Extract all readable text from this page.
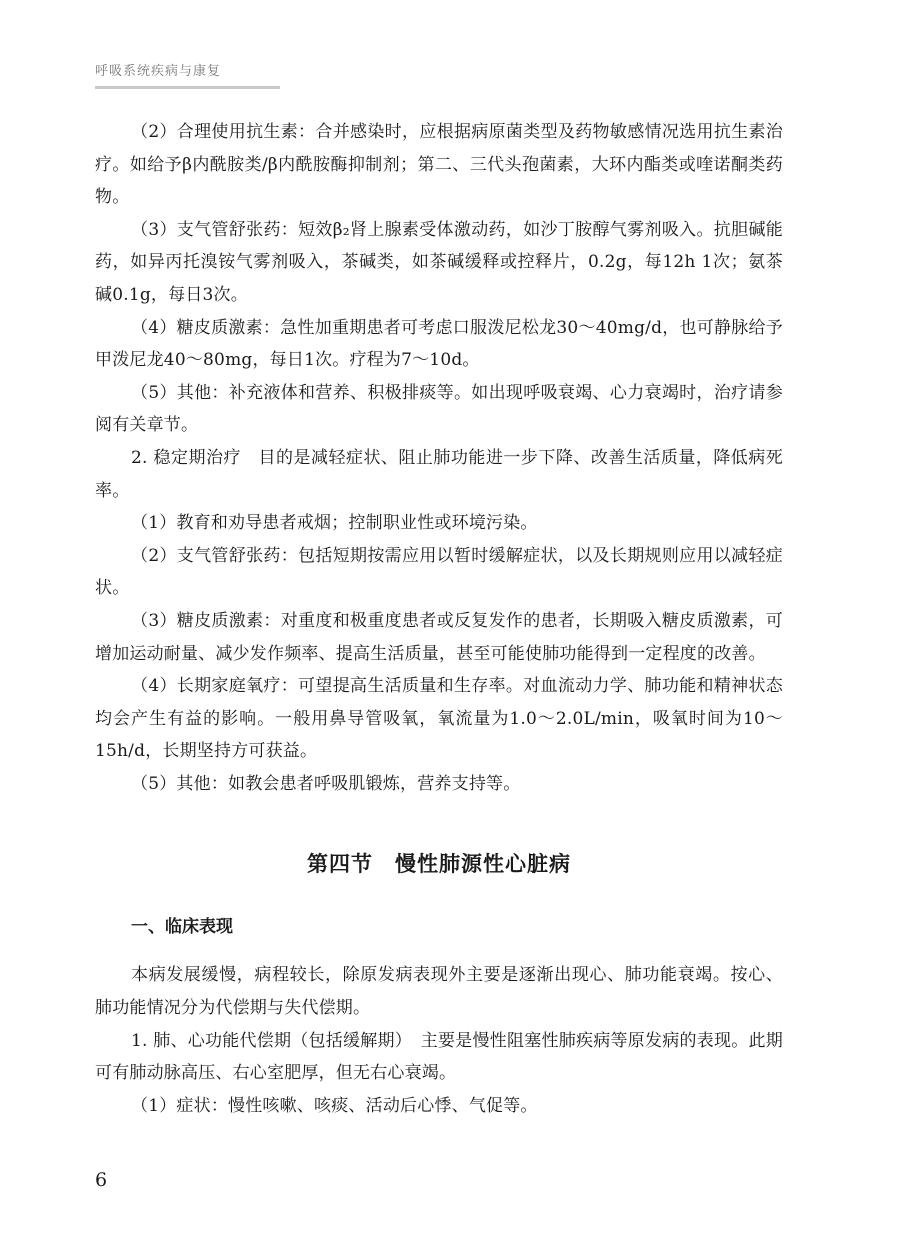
呼吸系统疾病与康复

（2）合理使用抗生素：合并感染时，应根据病原菌类型及药物敏感情况选用抗生素治疗。如给予β内酰胺类/β内酰胺酶抑制剂；第二、三代头孢菌素，大环内酯类或喹诺酮类药物。

（3）支气管舒张药：短效β₂肾上腺素受体激动药，如沙丁胺醇气雾剂吸入。抗胆碱能药，如异丙托溴铵气雾剂吸入，茶碱类，如茶碱缓释或控释片，0.2g，每12h 1次；氨茶碱0.1g，每日3次。

（4）糖皮质激素：急性加重期患者可考虑口服泼尼松龙30～40mg/d，也可静脉给予甲泼尼龙40～80mg，每日1次。疗程为7～10d。

（5）其他：补充液体和营养、积极排痰等。如出现呼吸衰竭、心力衰竭时，治疗请参阅有关章节。

2. 稳定期治疗　目的是减轻症状、阻止肺功能进一步下降、改善生活质量，降低病死率。

（1）教育和劝导患者戒烟；控制职业性或环境污染。

（2）支气管舒张药：包括短期按需应用以暂时缓解症状，以及长期规则应用以减轻症状。

（3）糖皮质激素：对重度和极重度患者或反复发作的患者，长期吸入糖皮质激素，可增加运动耐量、减少发作频率、提高生活质量，甚至可能使肺功能得到一定程度的改善。

（4）长期家庭氧疗：可望提高生活质量和生存率。对血流动力学、肺功能和精神状态均会产生有益的影响。一般用鼻导管吸氧，氧流量为1.0～2.0L/min，吸氧时间为10～15h/d，长期坚持方可获益。

（5）其他：如教会患者呼吸肌锻炼，营养支持等。

第四节　慢性肺源性心脏病
一、临床表现

本病发展缓慢，病程较长，除原发病表现外主要是逐渐出现心、肺功能衰竭。按心、肺功能情况分为代偿期与失代偿期。

1. 肺、心功能代偿期（包括缓解期）　主要是慢性阻塞性肺疾病等原发病的表现。此期可有肺动脉高压、右心室肥厚，但无右心衰竭。

（1）症状：慢性咳嗽、咳痰、活动后心悸、气促等。

6
